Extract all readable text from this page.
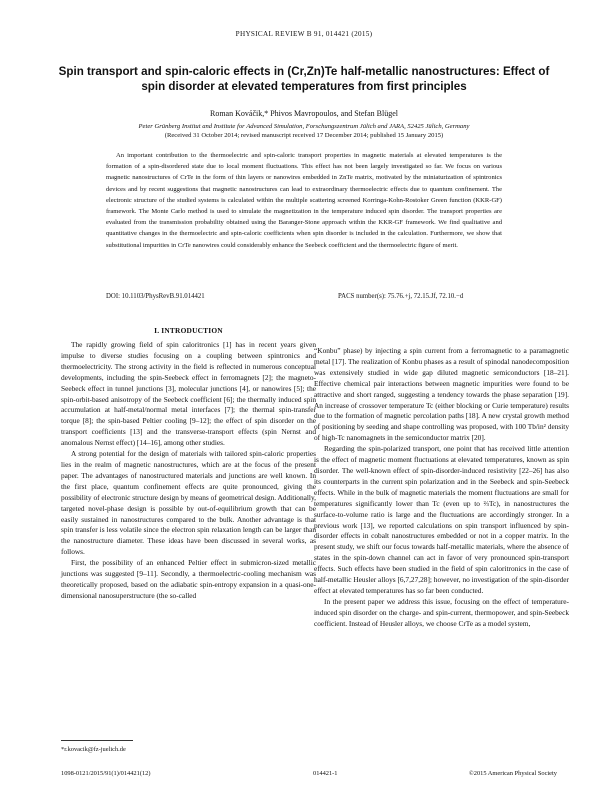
PHYSICAL REVIEW B 91, 014421 (2015)
Spin transport and spin-caloric effects in (Cr,Zn)Te half-metallic nanostructures: Effect of spin disorder at elevated temperatures from first principles
Roman Kováčik,* Phivos Mavropoulos, and Stefan Blügel
Peter Grünberg Institut and Institute for Advanced Simulation, Forschungszentrum Jülich and JARA, 52425 Jülich, Germany
(Received 31 October 2014; revised manuscript received 17 December 2014; published 15 January 2015)
An important contribution to the thermoelectric and spin-caloric transport properties in magnetic materials at elevated temperatures is the formation of a spin-disordered state due to local moment fluctuations. This effect has not been largely investigated so far. We focus on various magnetic nanostructures of CrTe in the form of thin layers or nanowires embedded in ZnTe matrix, motivated by the miniaturization of spintronics devices and by recent suggestions that magnetic nanostructures can lead to extraordinary thermoelectric effects due to quantum confinement. The electronic structure of the studied systems is calculated within the multiple scattering screened Korringa-Kohn-Rostoker Green function (KKR-GF) framework. The Monte Carlo method is used to simulate the magnetization in the temperature induced spin disorder. The transport properties are evaluated from the transmission probability obtained using the Baranger-Stone approach within the KKR-GF framework. We find qualitative and quantitative changes in the thermoelectric and spin-caloric coefficients when spin disorder is included in the calculation. Furthermore, we show that substitutional impurities in CrTe nanowires could considerably enhance the Seebeck coefficient and the thermoelectric figure of merit.
DOI: 10.1103/PhysRevB.91.014421	PACS number(s): 75.76.+j, 72.15.Jf, 72.10.−d
I. INTRODUCTION

The rapidly growing field of spin caloritronics [1] has in recent years given impulse to diverse studies focusing on a coupling between spintronics and thermoelectricity. The strong activity in the field is reflected in numerous conceptual developments, including the spin-Seebeck effect in ferromagnets [2]; the magneto-Seebeck effect in tunnel junctions [3], molecular junctions [4], or nanowires [5]; the spin-orbit-based anisotropy of the Seebeck coefficient [6]; the thermally induced spin accumulation at half-metal/normal metal interfaces [7]; the thermal spin-transfer torque [8]; the spin-based Peltier cooling [9–12]; the effect of spin disorder on the transport coefficients [13] and the transverse-transport effects (spin Nernst and anomalous Nernst effect) [14–16], among other studies.

A strong potential for the design of materials with tailored spin-caloric properties lies in the realm of magnetic nanostructures, which are at the focus of the present paper. The advantages of nanostructured materials and junctions are well known. In the first place, quantum confinement effects are quite pronounced, giving the possibility of electronic structure design by means of geometrical design. Additionally, targeted novel-phase design is possible by out-of-equilibrium growth that can be easily sustained in nanostructures compared to the bulk. Another advantage is that spin transfer is less volatile since the electron spin relaxation length can be larger than the nanostructure diameter. These ideas have been discussed in several works, as follows.

First, the possibility of an enhanced Peltier effect in submicron-sized metallic junctions was suggested [9–11]. Secondly, a thermoelectric-cooling mechanism was theoretically proposed, based on the adiabatic spin-entropy expansion in a quasi-one-dimensional nanosuperstructure (the so-called

“Konbu” phase) by injecting a spin current from a ferromagnetic to a paramagnetic metal [17]. The realization of Konbu phases as a result of spinodal nanodecomposition was extensively studied in wide gap diluted magnetic semiconductors [18–21]. Effective chemical pair interactions between magnetic impurities were found to be attractive and short ranged, suggesting a tendency towards the phase separation [19]. An increase of crossover temperature Tc (either blocking or Curie temperature) results due to the formation of magnetic percolation paths [18]. A new crystal growth method of positioning by seeding and shape controlling was proposed, with 100 Tb/in² density of high-Tc nanomagnets in the semiconductor matrix [20].

Regarding the spin-polarized transport, one point that has received little attention is the effect of magnetic moment fluctuations at elevated temperatures, known as spin disorder. The well-known effect of spin-disorder-induced resistivity [22–26] has also its counterparts in the current spin polarization and in the Seebeck and spin-Seebeck effects. While in the bulk of magnetic materials the moment fluctuations are small for temperatures significantly lower than Tc (even up to ⅔Tc), in nanostructures the surface-to-volume ratio is large and the fluctuations are accordingly stronger. In a previous work [13], we reported calculations on spin transport influenced by spin-disorder effects in cobalt nanostructures embedded or not in a copper matrix. In the present study, we shift our focus towards half-metallic materials, where the absence of states in the spin-down channel can act in favor of very pronounced spin-transport effects. Such effects have been studied in the field of spin caloritronics in the case of half-metallic Heusler alloys [6,7,27,28]; however, no investigation of the spin-disorder effect at elevated temperatures has so far been conducted.

In the present paper we address this issue, focusing on the effect of temperature-induced spin disorder on the charge- and spin-current, thermopower, and spin-Seebeck coefficient. Instead of Heusler alloys, we choose CrTe as a model system,

*r.kovacik@fz-juelich.de
1098-0121/2015/91(1)/014421(12)	014421-1	©2015 American Physical Society
